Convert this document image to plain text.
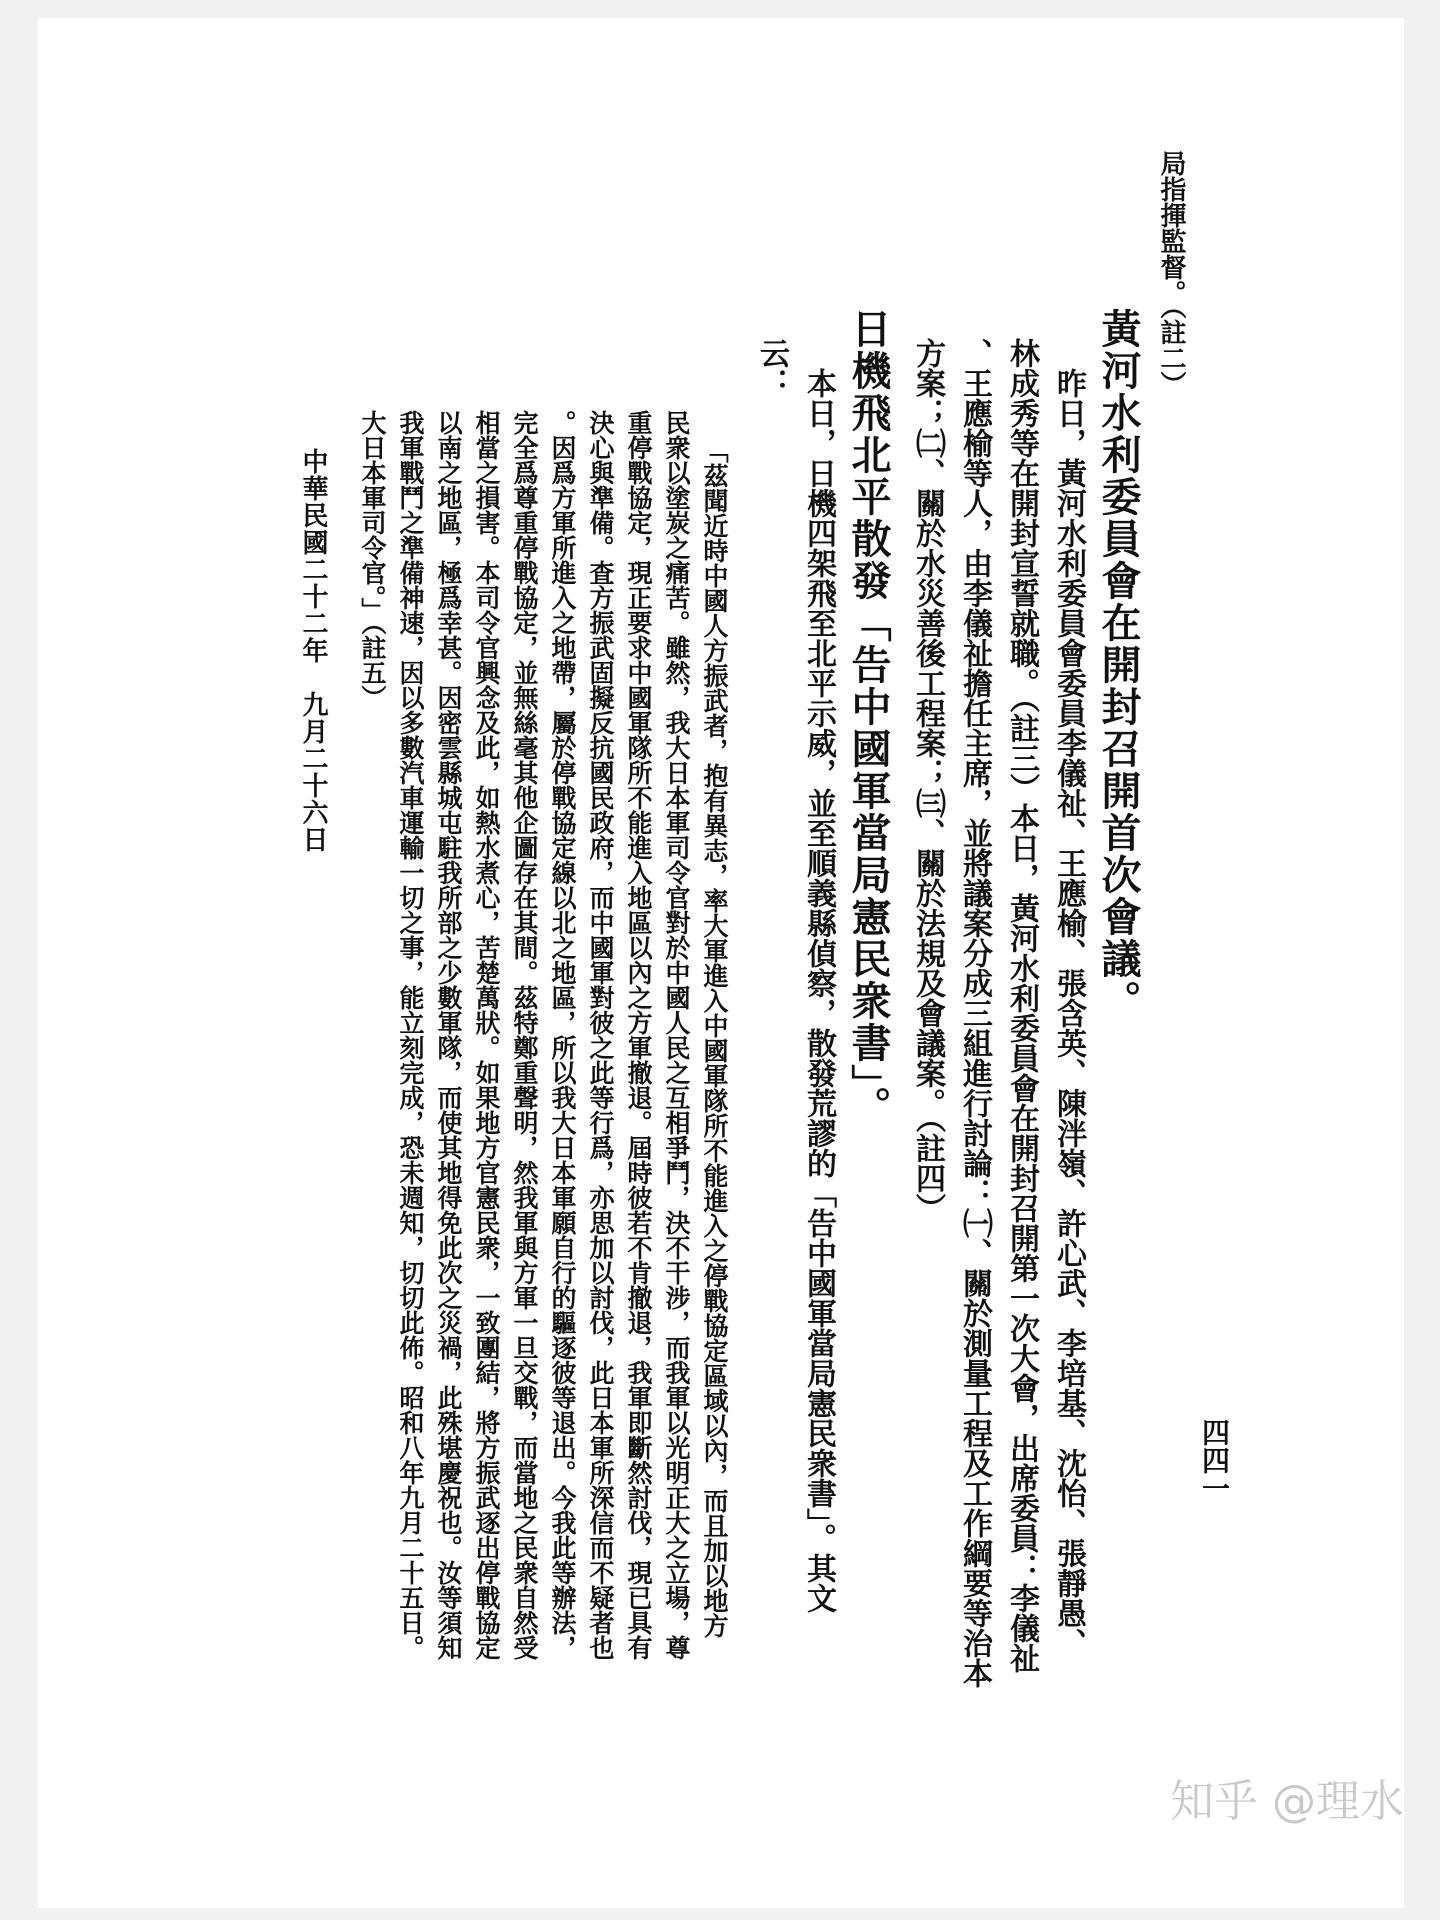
局指揮監督。（註二）
黃河水利委員會在開封召開首次會議。
昨日，黃河水利委員會委員李儀祉、王應榆、張含英、陳泮嶺、許心武、李培基、沈怡、張靜愚、
林成秀等在開封宣誓就職。（註三）本日，黃河水利委員會在開封召開第一次大會，出席委員：李儀祉
、王應榆等人，由李儀祉擔任主席，並將議案分成三組進行討論：㈠、關於測量工程及工作綱要等治本
方案；㈡、關於水災善後工程案；㈢、關於法規及會議案。（註四）
日機飛北平散發「告中國軍當局憲民衆書」。
本日，日機四架飛至北平示威，並至順義縣偵察，散發荒謬的「告中國軍當局憲民衆書」。其文
云：
「茲聞近時中國人方振武者，抱有異志，率大軍進入中國軍隊所不能進入之停戰協定區域以內，而且加以地方
民衆以塗炭之痛苦。雖然，我大日本軍司令官對於中國人民之互相爭鬥，決不干涉，而我軍以光明正大之立場，尊
重停戰協定，現正要求中國軍隊所不能進入地區以內之方軍撤退。屆時彼若不肯撤退，我軍即斷然討伐，現已具有
決心與準備。査方振武固擬反抗國民政府，而中國軍對彼之此等行爲，亦思加以討伐，此日本軍所深信而不疑者也
。因爲方軍所進入之地帶，屬於停戰協定線以北之地區，所以我大日本軍願自行的驅逐彼等退出。今我此等辦法，
完全爲尊重停戰協定，並無絲毫其他企圖存在其間。茲特鄭重聲明，然我軍與方軍一旦交戰，而當地之民衆自然受
相當之損害。本司令官興念及此，如熱水煮心，苦楚萬狀。如果地方官憲民衆，一致團結，將方振武逐出停戰協定
以南之地區，極爲幸甚。因密雲縣城屯駐我所部之少數軍隊，而使其地得免此次之災禍，此殊堪慶祝也。汝等須知
我軍戰鬥之準備神速，因以多數汽車運輸一切之事，能立刻完成，恐未週知，切切此佈。昭和八年九月二十五日。
大日本軍司令官。」（註五）
中華民國二十二年　九月二十六日
四四一
知乎 @理水
